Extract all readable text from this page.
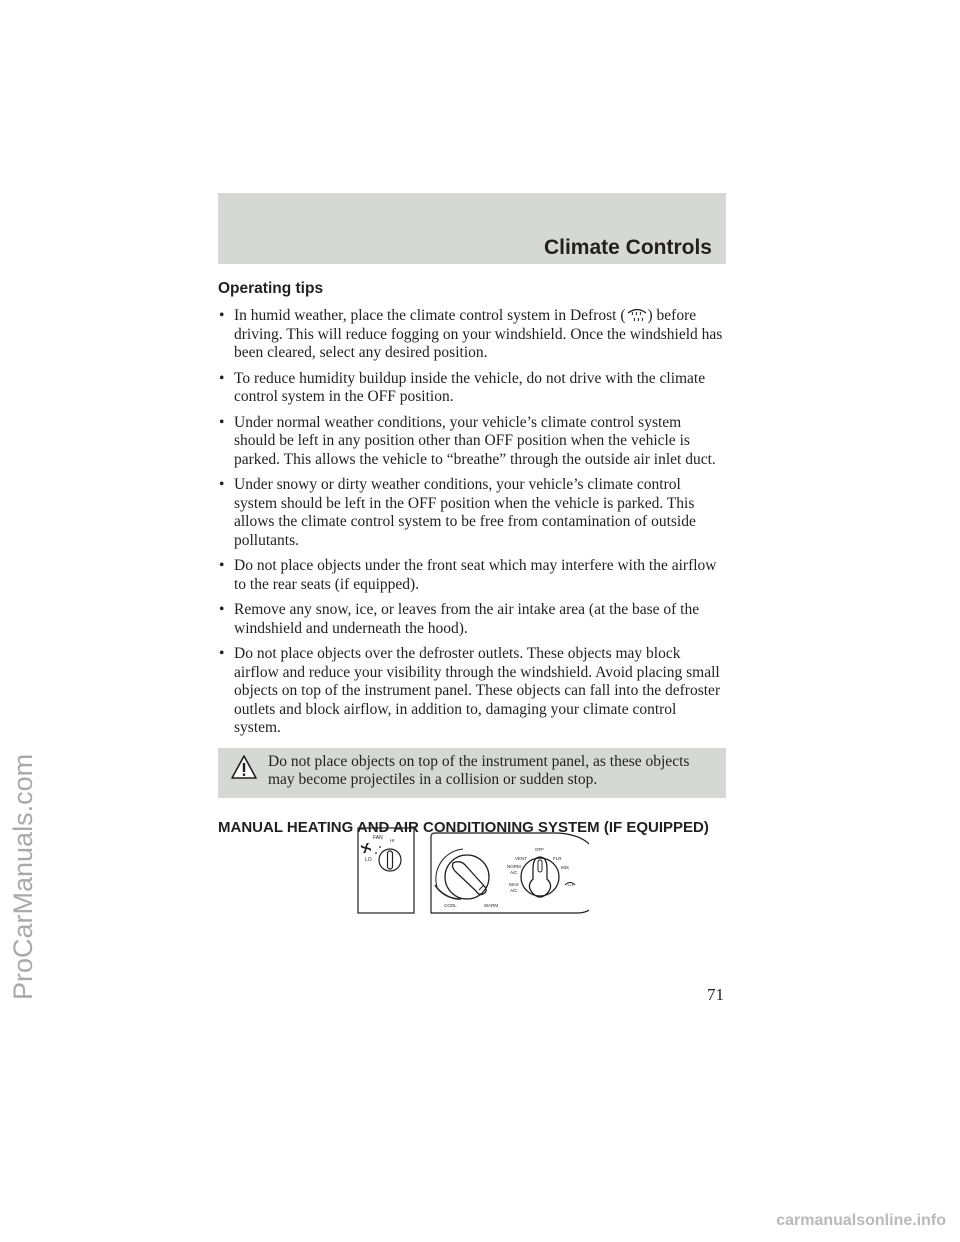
Climate Controls
Operating tips
• In humid weather, place the climate control system in Defrost ( ) before driving. This will reduce fogging on your windshield. Once the windshield has been cleared, select any desired position.
• To reduce humidity buildup inside the vehicle, do not drive with the climate control system in the OFF position.
• Under normal weather conditions, your vehicle’s climate control system should be left in any position other than OFF position when the vehicle is parked. This allows the vehicle to “breathe” through the outside air inlet duct.
• Under snowy or dirty weather conditions, your vehicle’s climate control system should be left in the OFF position when the vehicle is parked. This allows the climate control system to be free from contamination of outside pollutants.
• Do not place objects under the front seat which may interfere with the airflow to the rear seats (if equipped).
• Remove any snow, ice, or leaves from the air intake area (at the base of the windshield and underneath the hood).
• Do not place objects over the defroster outlets. These objects may block airflow and reduce your visibility through the windshield. Avoid placing small objects on top of the instrument panel. These objects can fall into the defroster outlets and block airflow, in addition to, damaging your climate control system.
Do not place objects on top of the instrument panel, as these objects may become projectiles in a collision or sudden stop.
MANUAL HEATING AND AIR CONDITIONING SYSTEM (IF EQUIPPED)
FAN HI
LO
COOL	WARM
OFF
VENT	FLR
NORM
A/C
MIX
MAX
A/C
71
ProCarManuals.com
carmanualsonline.info
